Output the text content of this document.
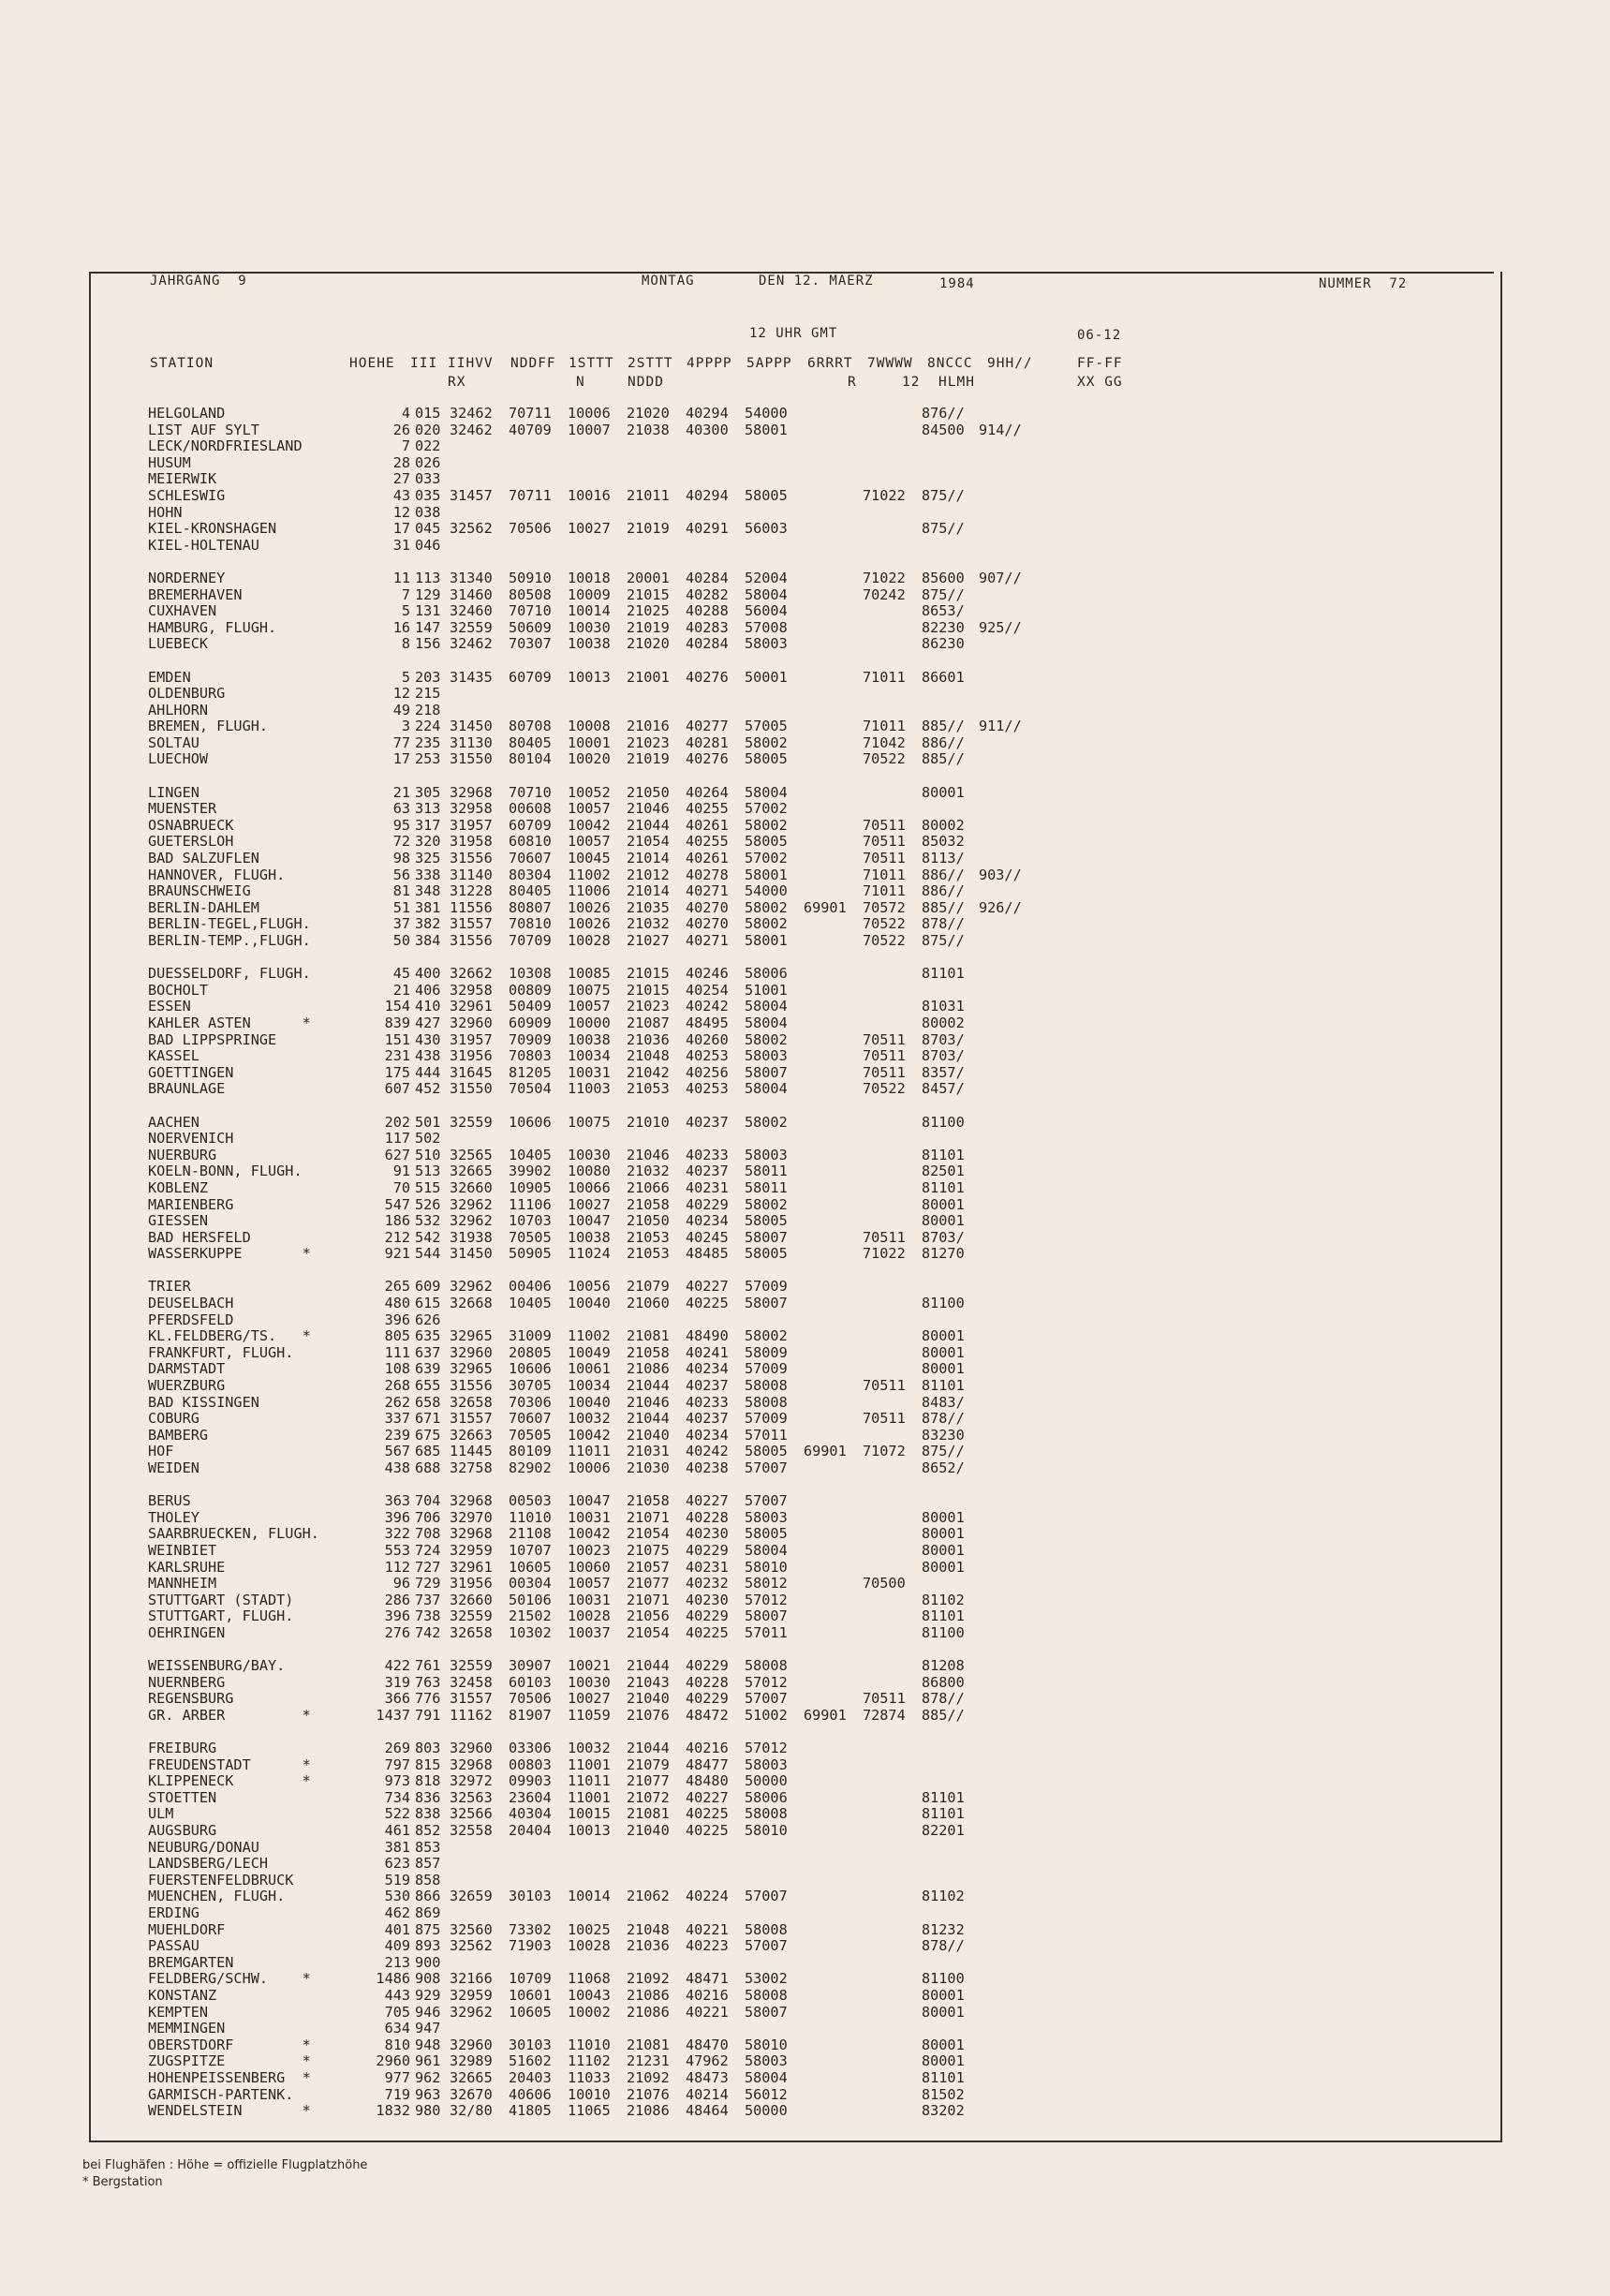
JAHRGANG  9	MONTAG	DEN 12. MAERZ	1984	NUMMER  72
12 UHR GMT	06-12
STATION	HOEHE III IIHVV NDDFF 1STTT 2STTT 4PPPP 5APPP 6RRRT 7WWWW 8NCCC 9HH//	FF-FF
RX	N	NDDD	R	12 HLMH	XX GG
HELGOLAND	4	015	32462	70711	10006	21020	40294	54000			876//		
LIST AUF SYLT	26	020	32462	40709	10007	21038	40300	58001			84500	914//	
LECK/NORDFRIESLAND	7	022											
HUSUM	28	026											
MEIERWIK	27	033											
SCHLESWIG	43	035	31457	70711	10016	21011	40294	58005		71022	875//		
HOHN	12	038											
KIEL-KRONSHAGEN	17	045	32562	70506	10027	21019	40291	56003			875//		
KIEL-HOLTENAU	31	046											

NORDERNEY	11	113	31340	50910	10018	20001	40284	52004		71022	85600	907//	
BREMERHAVEN	7	129	31460	80508	10009	21015	40282	58004		70242	875//		
CUXHAVEN	5	131	32460	70710	10014	21025	40288	56004			8653/		
HAMBURG, FLUGH.	16	147	32559	50609	10030	21019	40283	57008			82230	925//	
LUEBECK	8	156	32462	70307	10038	21020	40284	58003			86230		

EMDEN	5	203	31435	60709	10013	21001	40276	50001		71011	86601		
OLDENBURG	12	215											
AHLHORN	49	218											
BREMEN, FLUGH.	3	224	31450	80708	10008	21016	40277	57005		71011	885//	911//	
SOLTAU	77	235	31130	80405	10001	21023	40281	58002		71042	886//		
LUECHOW	17	253	31550	80104	10020	21019	40276	58005		70522	885//		

LINGEN	21	305	32968	70710	10052	21050	40264	58004			80001		
MUENSTER	63	313	32958	00608	10057	21046	40255	57002					
OSNABRUECK	95	317	31957	60709	10042	21044	40261	58002		70511	80002		
GUETERSLOH	72	320	31958	60810	10057	21054	40255	58005		70511	85032		
BAD SALZUFLEN	98	325	31556	70607	10045	21014	40261	57002		70511	8113/		
HANNOVER, FLUGH.	56	338	31140	80304	11002	21012	40278	58001		71011	886//	903//	
BRAUNSCHWEIG	81	348	31228	80405	11006	21014	40271	54000		71011	886//		
BERLIN-DAHLEM	51	381	11556	80807	10026	21035	40270	58002	69901	70572	885//	926//	
BERLIN-TEGEL,FLUGH.	37	382	31557	70810	10026	21032	40270	58002		70522	878//		
BERLIN-TEMP.,FLUGH.	50	384	31556	70709	10028	21027	40271	58001		70522	875//		

DUESSELDORF, FLUGH.	45	400	32662	10308	10085	21015	40246	58006			81101		
BOCHOLT	21	406	32958	00809	10075	21015	40254	51001					
ESSEN	154	410	32961	50409	10057	21023	40242	58004			81031		
KAHLER ASTEN      *	839	427	32960	60909	10000	21087	48495	58004			80002		
BAD LIPPSPRINGE	151	430	31957	70909	10038	21036	40260	58002		70511	8703/		
KASSEL	231	438	31956	70803	10034	21048	40253	58003		70511	8703/		
GOETTINGEN	175	444	31645	81205	10031	21042	40256	58007		70511	8357/		
BRAUNLAGE	607	452	31550	70504	11003	21053	40253	58004		70522	8457/		

AACHEN	202	501	32559	10606	10075	21010	40237	58002			81100		
NOERVENICH	117	502											
NUERBURG	627	510	32565	10405	10030	21046	40233	58003			81101		
KOELN-BONN, FLUGH.	91	513	32665	39902	10080	21032	40237	58011			82501		
KOBLENZ	70	515	32660	10905	10066	21066	40231	58011			81101		
MARIENBERG	547	526	32962	11106	10027	21058	40229	58002			80001		
GIESSEN	186	532	32962	10703	10047	21050	40234	58005			80001		
BAD HERSFELD	212	542	31938	70505	10038	21053	40245	58007		70511	8703/		
WASSERKUPPE       *	921	544	31450	50905	11024	21053	48485	58005		71022	81270		

TRIER	265	609	32962	00406	10056	21079	40227	57009					
DEUSELBACH	480	615	32668	10405	10040	21060	40225	58007			81100		
PFERDSFELD	396	626											
KL.FELDBERG/TS.   *	805	635	32965	31009	11002	21081	48490	58002			80001		
FRANKFURT, FLUGH.	111	637	32960	20805	10049	21058	40241	58009			80001		
DARMSTADT	108	639	32965	10606	10061	21086	40234	57009			80001		
WUERZBURG	268	655	31556	30705	10034	21044	40237	58008		70511	81101		
BAD KISSINGEN	262	658	32658	70306	10040	21046	40233	58008			8483/		
COBURG	337	671	31557	70607	10032	21044	40237	57009		70511	878//		
BAMBERG	239	675	32663	70505	10042	21040	40234	57011			83230		
HOF	567	685	11445	80109	11011	21031	40242	58005	69901	71072	875//		
WEIDEN	438	688	32758	82902	10006	21030	40238	57007			8652/		

BERUS	363	704	32968	00503	10047	21058	40227	57007					
THOLEY	396	706	32970	11010	10031	21071	40228	58003			80001		
SAARBRUECKEN, FLUGH.	322	708	32968	21108	10042	21054	40230	58005			80001		
WEINBIET	553	724	32959	10707	10023	21075	40229	58004			80001		
KARLSRUHE	112	727	32961	10605	10060	21057	40231	58010			80001		
MANNHEIM	96	729	31956	00304	10057	21077	40232	58012		70500			
STUTTGART (STADT)	286	737	32660	50106	10031	21071	40230	57012			81102		
STUTTGART, FLUGH.	396	738	32559	21502	10028	21056	40229	58007			81101		
OEHRINGEN	276	742	32658	10302	10037	21054	40225	57011			81100		

WEISSENBURG/BAY.	422	761	32559	30907	10021	21044	40229	58008			81208		
NUERNBERG	319	763	32458	60103	10030	21043	40228	57012			86800		
REGENSBURG	366	776	31557	70506	10027	21040	40229	57007		70511	878//		
GR. ARBER         *	1437	791	11162	81907	11059	21076	48472	51002	69901	72874	885//		

FREIBURG	269	803	32960	03306	10032	21044	40216	57012					
FREUDENSTADT      *	797	815	32968	00803	11001	21079	48477	58003					
KLIPPENECK        *	973	818	32972	09903	11011	21077	48480	50000					
STOETTEN	734	836	32563	23604	11001	21072	40227	58006			81101		
ULM	522	838	32566	40304	10015	21081	40225	58008			81101		
AUGSBURG	461	852	32558	20404	10013	21040	40225	58010			82201		
NEUBURG/DONAU	381	853											
LANDSBERG/LECH	623	857											
FUERSTENFELDBRUCK	519	858											
MUENCHEN, FLUGH.	530	866	32659	30103	10014	21062	40224	57007			81102		
ERDING	462	869											
MUEHLDORF	401	875	32560	73302	10025	21048	40221	58008			81232		
PASSAU	409	893	32562	71903	10028	21036	40223	57007			878//		
BREMGARTEN	213	900											
FELDBERG/SCHW.    *	1486	908	32166	10709	11068	21092	48471	53002			81100		
KONSTANZ	443	929	32959	10601	10043	21086	40216	58008			80001		
KEMPTEN	705	946	32962	10605	10002	21086	40221	58007			80001		
MEMMINGEN	634	947											
OBERSTDORF        *	810	948	32960	30103	11010	21081	48470	58010			80001		
ZUGSPITZE         *	2960	961	32989	51602	11102	21231	47962	58003			80001		
HOHENPEISSENBERG  *	977	962	32665	20403	11033	21092	48473	58004			81101		
GARMISCH-PARTENK.	719	963	32670	40606	10010	21076	40214	56012			81502		
WENDELSTEIN       *	1832	980	32/80	41805	11065	21086	48464	50000			83202		
bei Flughäfen : Höhe = offizielle Flugplatzhöhe
* Bergstation
